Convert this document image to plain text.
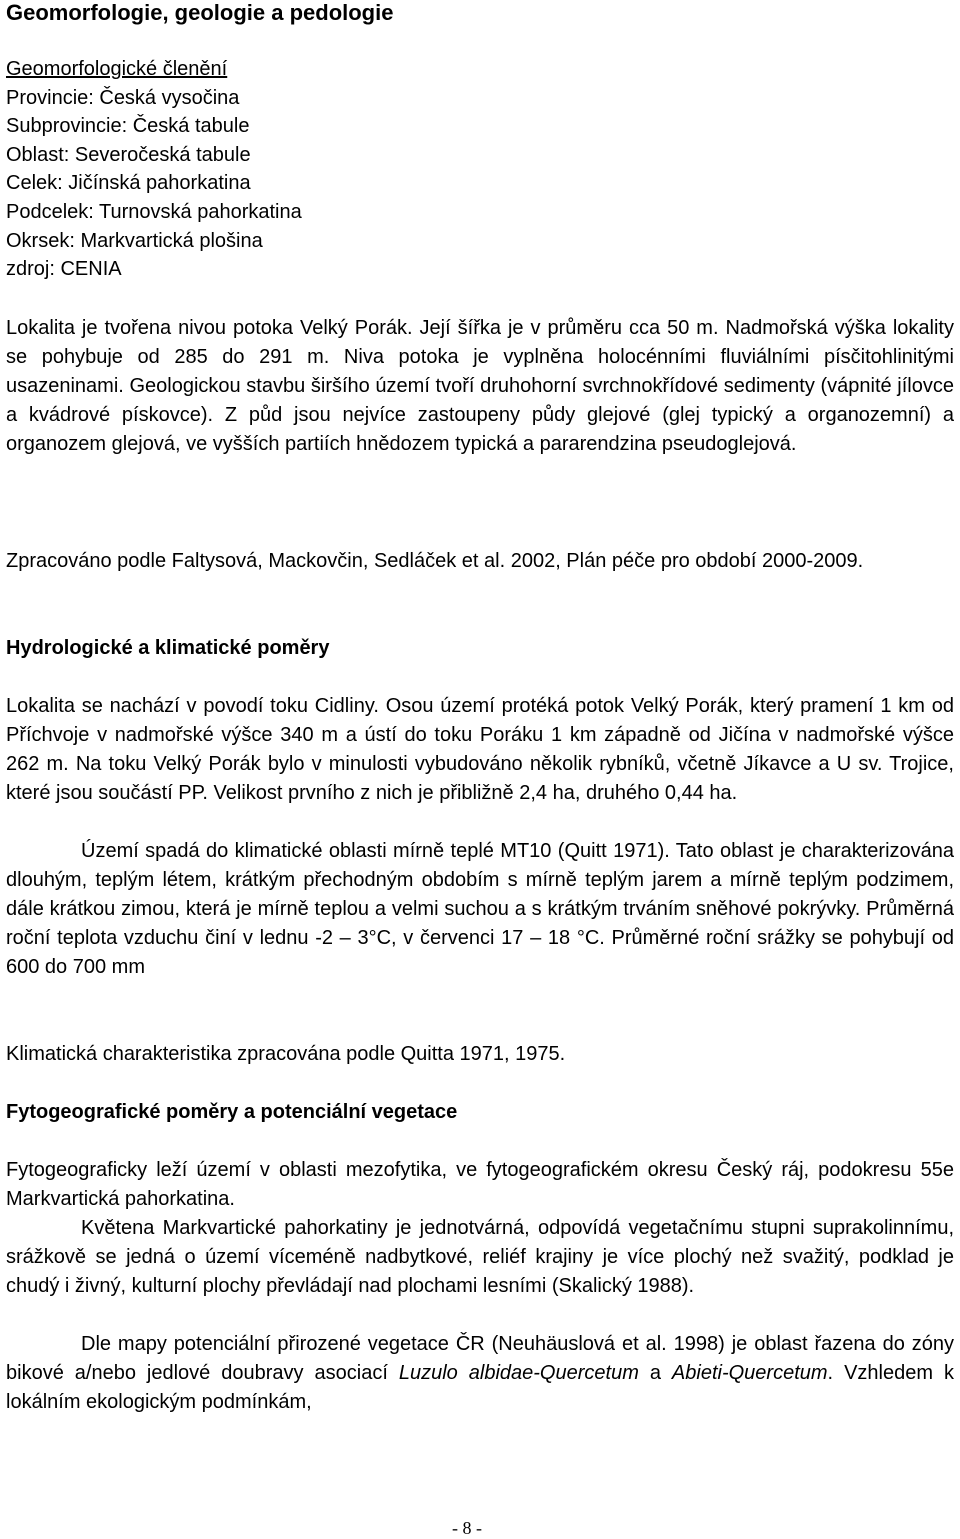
Geomorfologie, geologie a pedologie
Geomorfologické členění
Provincie: Česká vysočina
Subprovincie: Česká tabule
Oblast: Severočeská tabule
Celek: Jičínská pahorkatina
Podcelek: Turnovská pahorkatina
Okrsek: Markvartická plošina
zdroj: CENIA

Lokalita je tvořena nivou potoka Velký Porák. Její šířka je v průměru cca 50 m. Nadmořská výška lokality se pohybuje od 285 do 291 m. Niva potoka je vyplněna holocénními fluviálními písčitohlinitými usazeninami. Geologickou stavbu širšího území tvoří druhohorní svrchnokřídové sedimenty (vápnité jílovce a kvádrové pískovce). Z půd jsou nejvíce zastoupeny půdy glejové (glej typický a organozemní) a organozem glejová, ve vyšších partiích hnědozem typická a pararendzina pseudoglejová.

Zpracováno podle Faltysová, Mackovčin, Sedláček et al. 2002, Plán péče pro období 2000-2009.

Hydrologické a klimatické poměry

Lokalita se nachází v povodí toku Cidliny. Osou území protéká potok Velký Porák, který pramení 1 km od Příchvoje v nadmořské výšce 340 m a ústí do toku Poráku 1 km západně od Jičína v nadmořské výšce 262 m. Na toku Velký Porák bylo v minulosti vybudováno několik rybníků, včetně Jíkavce a U sv. Trojice, které jsou součástí PP. Velikost prvního z nich je přibližně 2,4 ha, druhého 0,44 ha.

Území spadá do klimatické oblasti mírně teplé MT10 (Quitt 1971). Tato oblast je charakterizována dlouhým, teplým létem, krátkým přechodným obdobím s mírně teplým jarem a mírně teplým podzimem, dále krátkou zimou, která je mírně teplou a velmi suchou a s krátkým trváním sněhové pokrývky. Průměrná roční teplota vzduchu činí v lednu -2 – 3°C, v červenci 17 – 18 °C. Průměrné roční srážky se pohybují od 600 do 700 mm

Klimatická charakteristika zpracována podle Quitta 1971, 1975.

Fytogeografické poměry a potenciální vegetace

Fytogeograficky leží území v oblasti mezofytika, ve fytogeografickém okresu Český ráj, podokresu 55e Markvartická pahorkatina.

Květena Markvartické pahorkatiny je jednotvárná, odpovídá vegetačnímu stupni suprakolinnímu, srážkově se jedná o území víceméně nadbytkové, reliéf krajiny je více plochý než svažitý, podklad je chudý i živný, kulturní plochy převládají nad plochami lesními (Skalický 1988).

Dle mapy potenciální přirozené vegetace ČR (Neuhäuslová et al. 1998) je oblast řazena do zóny bikové a/nebo jedlové doubravy asociací Luzulo albidae-Quercetum a Abieti-Quercetum. Vzhledem k lokálním ekologickým podmínkám,

- 8 -
